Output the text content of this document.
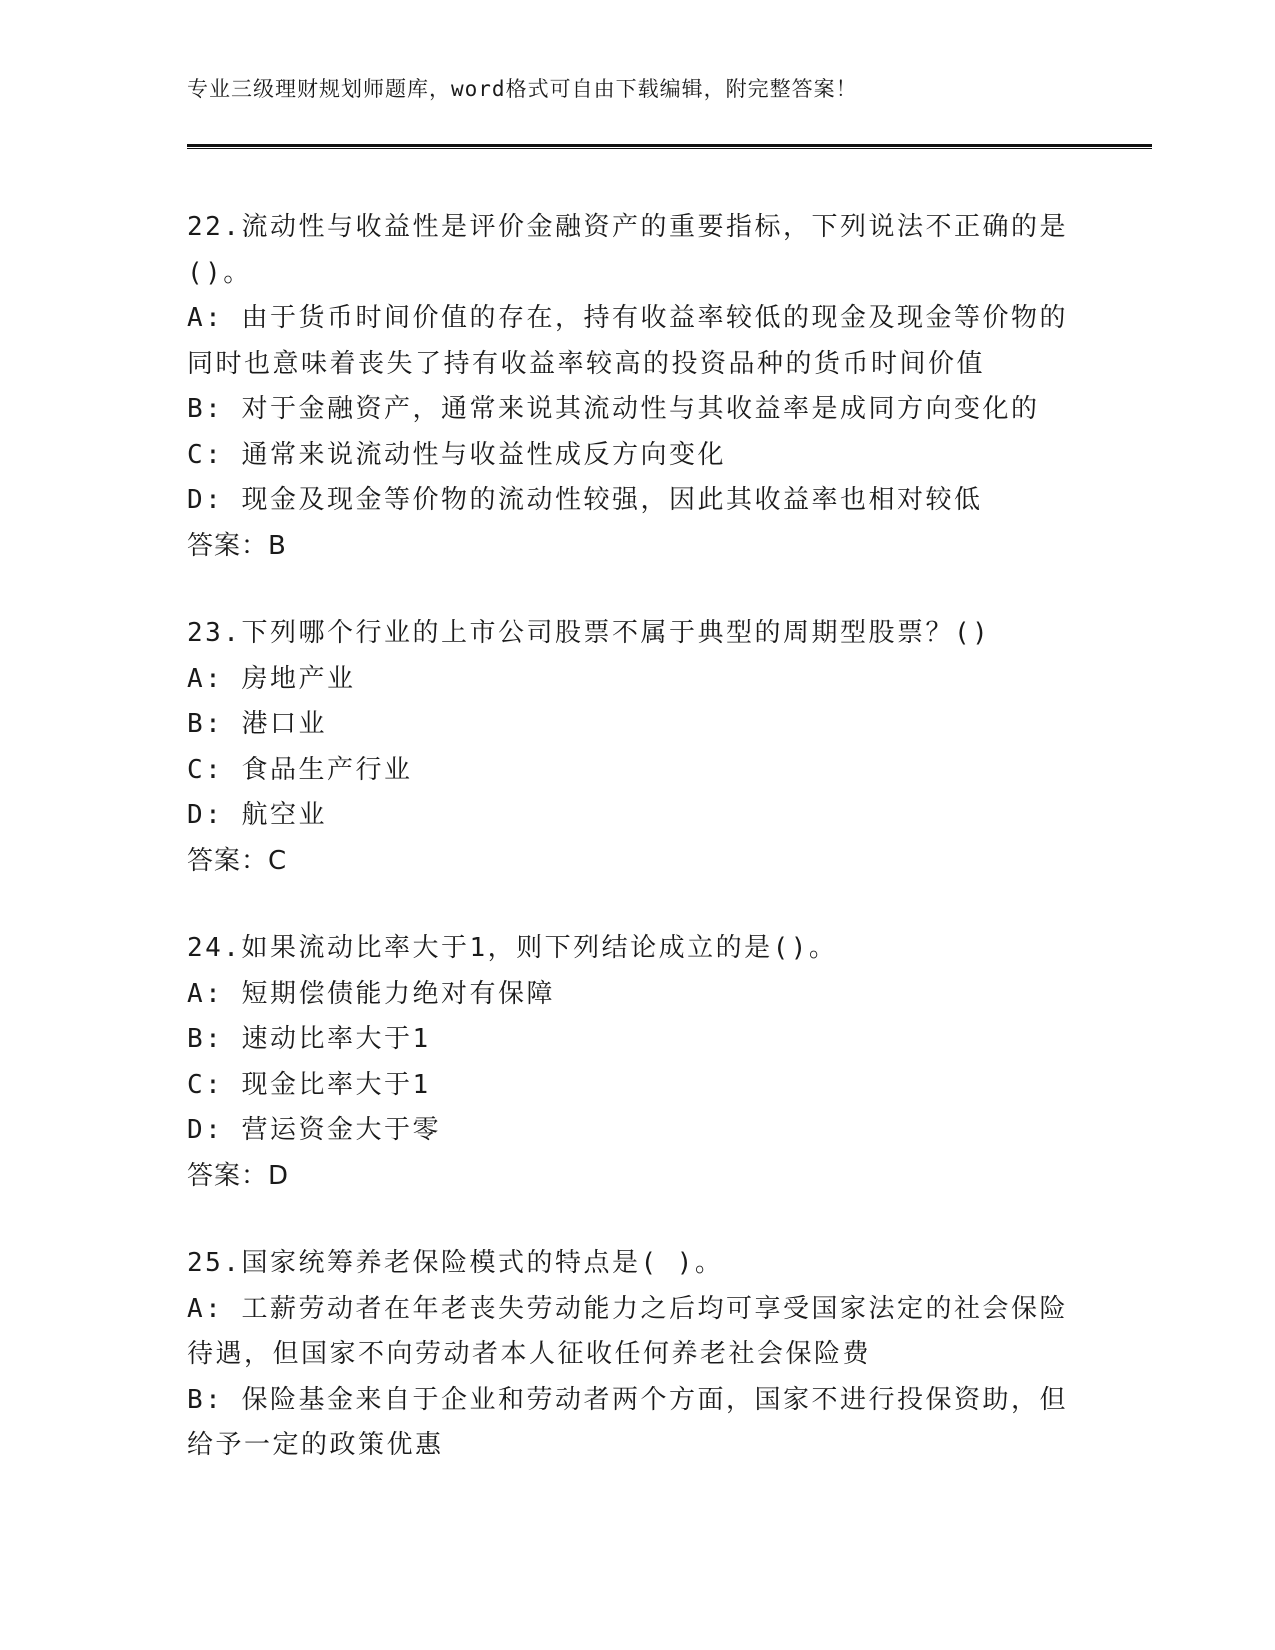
专业三级理财规划师题库，word格式可自由下载编辑，附完整答案！
22.流动性与收益性是评价金融资产的重要指标，下列说法不正确的是
()。
A: 由于货币时间价值的存在，持有收益率较低的现金及现金等价物的
同时也意味着丧失了持有收益率较高的投资品种的货币时间价值
B: 对于金融资产，通常来说其流动性与其收益率是成同方向变化的
C: 通常来说流动性与收益性成反方向变化
D: 现金及现金等价物的流动性较强，因此其收益率也相对较低
答案：B
23.下列哪个行业的上市公司股票不属于典型的周期型股票？()
A: 房地产业
B: 港口业
C: 食品生产行业
D: 航空业
答案：C
24.如果流动比率大于1，则下列结论成立的是()。
A: 短期偿债能力绝对有保障
B: 速动比率大于1
C: 现金比率大于1
D: 营运资金大于零
答案：D
25.国家统筹养老保险模式的特点是( )。
A: 工薪劳动者在年老丧失劳动能力之后均可享受国家法定的社会保险
待遇，但国家不向劳动者本人征收任何养老社会保险费
B: 保险基金来自于企业和劳动者两个方面，国家不进行投保资助，但
给予一定的政策优惠
